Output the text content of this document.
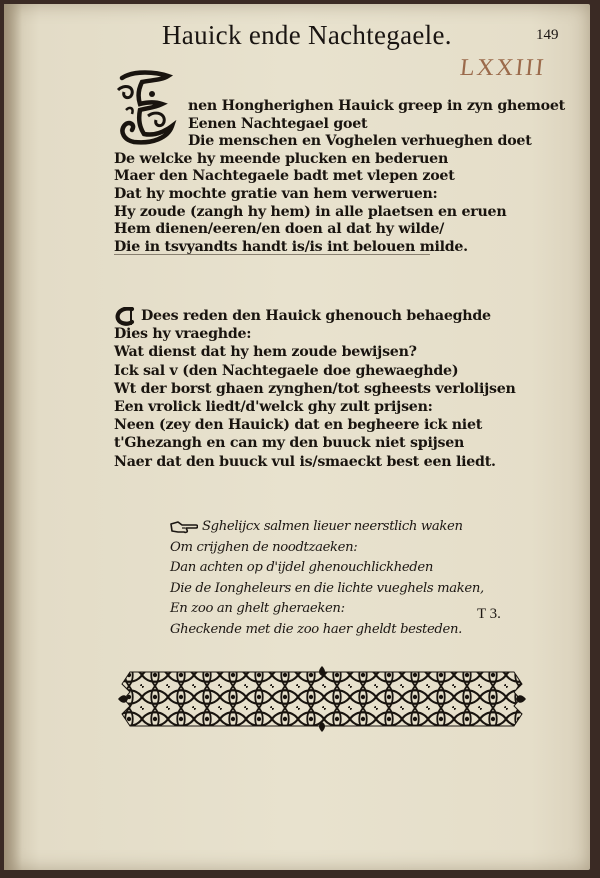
Hauick ende Nachtegaele.	149
LXXIII
nen Hongherighen Hauick greep in zyn ghemoet
Eenen Nachtegael goet
Die menschen en Voghelen verhueghen doet
De welcke hy meende plucken en bederuen
Maer den Nachtegaele badt met vlepen zoet
Dat hy mochte gratie van hem verweruen:
Hy zoude (zangh hy hem) in alle plaetsen en eruen
Hem dienen/eeren/en doen al dat hy wilde/
Die in tsvyandts handt is/is int belouen milde.
Dees reden den Hauick ghenouch behaeghde
Dies hy vraeghde:
Wat dienst dat hy hem zoude bewijsen?
Ick sal v (den Nachtegaele doe ghewaeghde)
Wt der borst ghaen zynghen/tot sgheests verlolijsen
Een vrolick liedt/d'welck ghy zult prijsen:
Neen (zey den Hauick) dat en begheere ick niet
t'Ghezangh en can my den buuck niet spijsen
Naer dat den buuck vul is/smaeckt best een liedt.
Sghelijcx salmen lieuer neerstlich waken
Om crijghen de noodtzaeken:
Dan achten op d'ijdel ghenouchlickheden
Die de Iongheleurs en die lichte vueghels maken,
En zoo an ghelt gheraeken:
Gheckende met die zoo haer gheldt besteden.
T 3.
